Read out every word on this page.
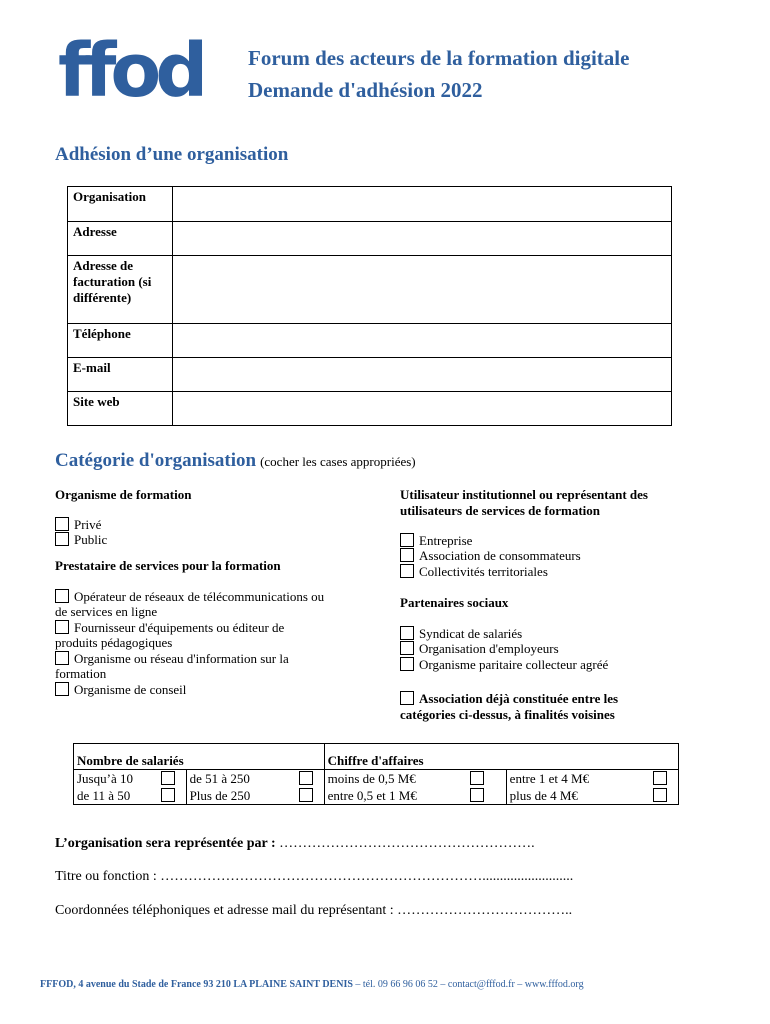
ffod Forum des acteurs de la formation digitale
Demande d'adhésion 2022
Adhésion d’une organisation
Organisation	
Adresse	
Adresse de facturation (si différente)	
Téléphone	
E-mail	
Site web	
Catégorie d'organisation (cocher les cases appropriées)
Organisme de formation
Privé
Public
Prestataire de services pour la formation
Opérateur de réseaux de télécommunications ou
de services en ligne
Fournisseur d'équipements ou éditeur de
produits pédagogiques
Organisme ou réseau d'information sur la
formation
Organisme de conseil
Utilisateur institutionnel ou représentant des
utilisateurs de services de formation
Entreprise
Association de consommateurs
Collectivités territoriales
Partenaires sociaux
Syndicat de salariés
Organisation d'employeurs
Organisme paritaire collecteur agréé
Association déjà constituée entre les
catégories ci-dessus, à finalités voisines
Nombre de salariés				Chiffre d'affaires			
Jusqu’à 10		de 51 à 250		moins de 0,5 M€		entre 1 et 4 M€	
de 11 à 50		Plus de 250		entre 0,5 et 1 M€		plus de 4 M€	
L’organisation sera représentée par : ……………………………………………….
Titre ou fonction : ……………………………………………………………..........................
Coordonnées téléphoniques et adresse mail du représentant : ………………………………..
FFFOD, 4 avenue du Stade de France 93 210 LA PLAINE SAINT DENIS – tél. 09 66 96 06 52 – contact@fffod.fr – www.fffod.org
